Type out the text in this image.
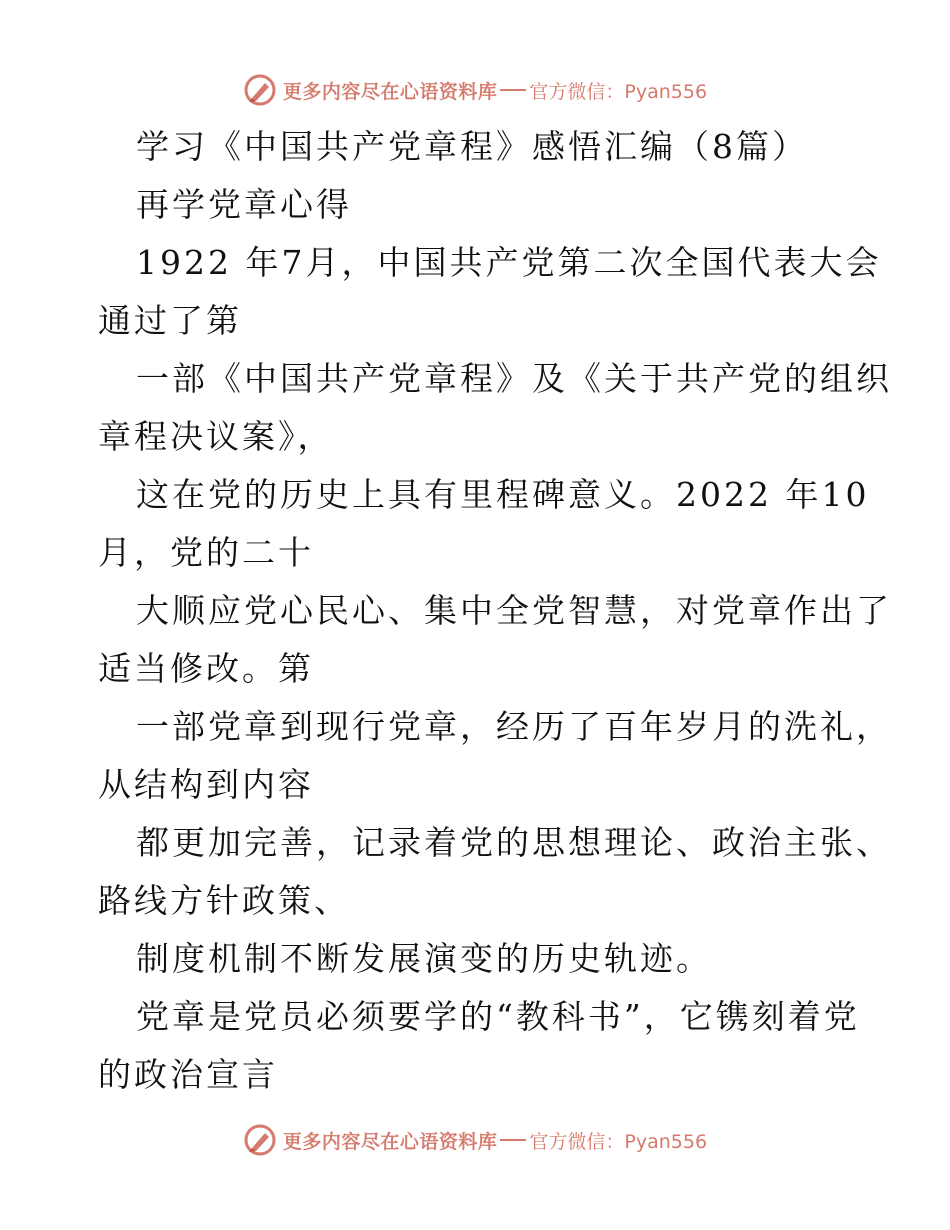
更多内容尽在心语资料库 官方微信：Pyan556
学习《中国共产党章程》感悟汇编（8篇）
再学党章心得
1922 年7月，中国共产党第二次全国代表大会
通过了第
一部《中国共产党章程》及《关于共产党的组织
章程决议案》，
这在党的历史上具有里程碑意义。2022 年10
月，党的二十
大顺应党心民心、集中全党智慧，对党章作出了
适当修改。第
一部党章到现行党章，经历了百年岁月的洗礼，
从结构到内容
都更加完善，记录着党的思想理论、政治主张、
路线方针政策、
制度机制不断发展演变的历史轨迹。
党章是党员必须要学的“教科书”，它镌刻着党
的政治宣言
更多内容尽在心语资料库 官方微信：Pyan556
